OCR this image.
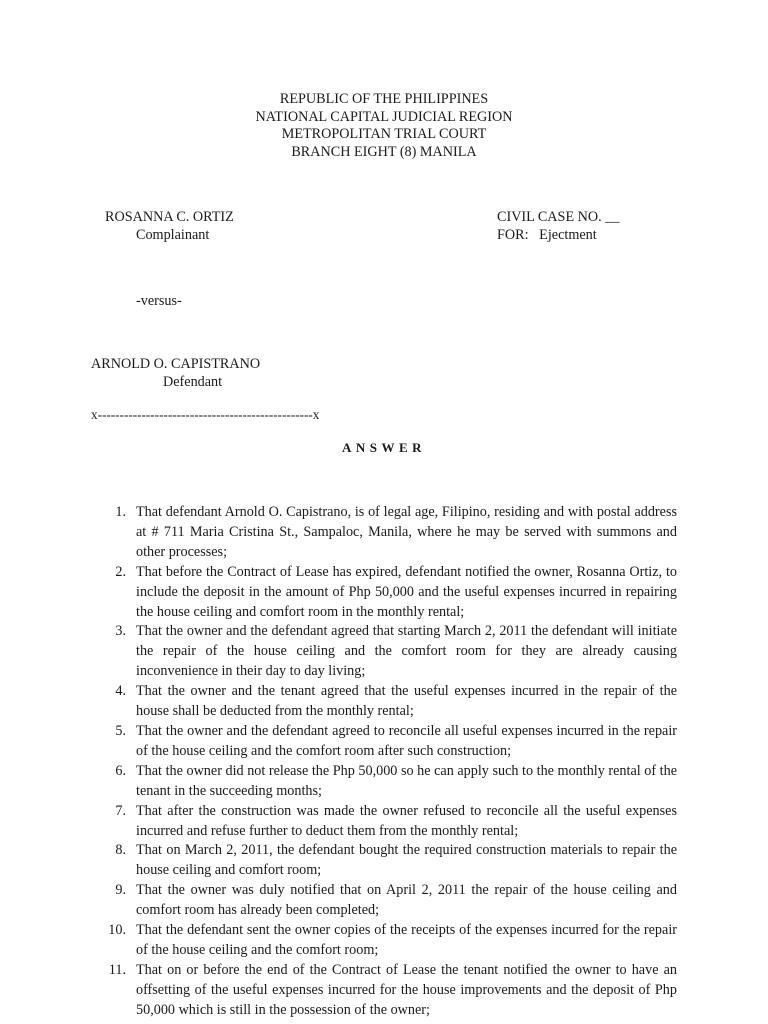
REPUBLIC OF THE PHILIPPINES
NATIONAL CAPITAL JUDICIAL REGION
METROPOLITAN TRIAL COURT
BRANCH EIGHT (8) MANILA
ROSANNA C. ORTIZ
Complainant
CIVIL CASE NO. __
FOR:   Ejectment
-versus-
ARNOLD O. CAPISTRANO
Defendant
x-------------------------------------------------x
ANSWER
1. That defendant Arnold O. Capistrano, is of legal age, Filipino, residing and with postal address at # 711 Maria Cristina St., Sampaloc, Manila, where he may be served with summons and other processes;
2. That before the Contract of Lease has expired, defendant notified the owner, Rosanna Ortiz, to include the deposit in the amount of Php 50,000 and the useful expenses incurred in repairing the house ceiling and comfort room in the monthly rental;
3. That the owner and the defendant agreed that starting March 2, 2011 the defendant will initiate the repair of the house ceiling and the comfort room for they are already causing inconvenience in their day to day living;
4. That the owner and the tenant agreed that the useful expenses incurred in the repair of the house shall be deducted from the monthly rental;
5. That the owner and the defendant agreed to reconcile all useful expenses incurred in the repair of the house ceiling and the comfort room after such construction;
6. That the owner did not release the Php 50,000 so he can apply such to the monthly rental of the tenant in the succeeding months;
7. That after the construction was made the owner refused to reconcile all the useful expenses incurred and refuse further to deduct them from the monthly rental;
8. That on March 2, 2011, the defendant bought the required construction materials to repair the house ceiling and comfort room;
9. That the owner was duly notified that on April 2, 2011 the repair of the house ceiling and comfort room has already been completed;
10. That the defendant sent the owner copies of the receipts of the expenses incurred for the repair of the house ceiling and the comfort room;
11. That on or before the end of the Contract of Lease the tenant notified the owner to have an offsetting of the useful expenses incurred for the house improvements and the deposit of Php 50,000 which is still in the possession of the owner;
